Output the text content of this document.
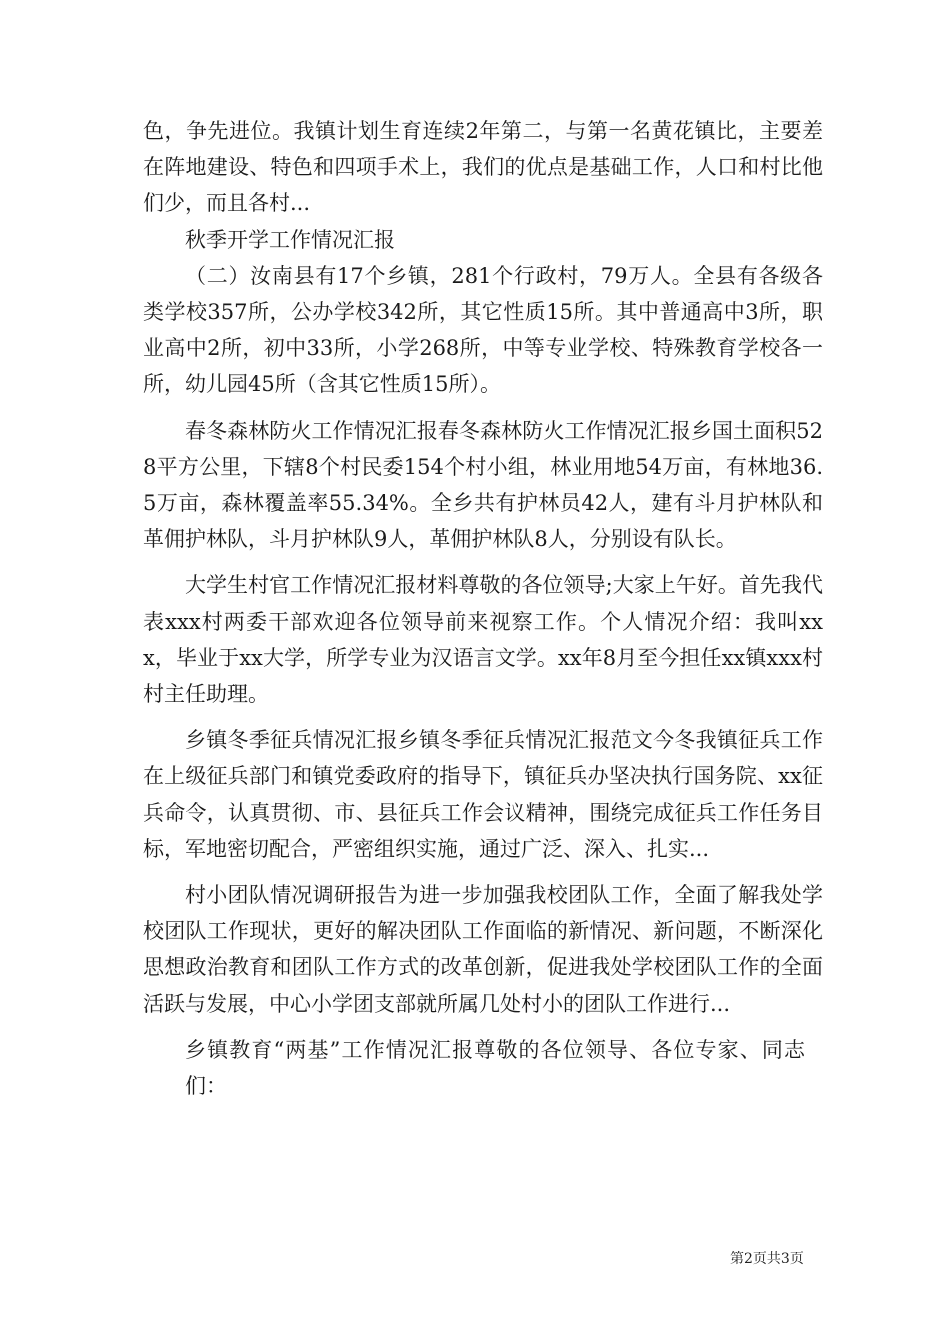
色，争先进位。我镇计划生育连续2年第二，与第一名黄花镇比，主要差在阵地建设、特色和四项手术上，我们的优点是基础工作，人口和村比他们少，而且各村...

秋季开学工作情况汇报

（二）汝南县有17个乡镇，281个行政村，79万人。全县有各级各类学校357所，公办学校342所，其它性质15所。其中普通高中3所，职业高中2所，初中33所，小学268所，中等专业学校、特殊教育学校各一所，幼儿园45所（含其它性质15所）。

春冬森林防火工作情况汇报春冬森林防火工作情况汇报乡国土面积528平方公里，下辖8个村民委154个村小组，林业用地54万亩，有林地36.5万亩，森林覆盖率55.34%。全乡共有护林员42人，建有斗月护林队和革佣护林队，斗月护林队9人，革佣护林队8人，分别设有队长。

大学生村官工作情况汇报材料尊敬的各位领导;大家上午好。首先我代表xxx村两委干部欢迎各位领导前来视察工作。个人情况介绍：我叫xxx，毕业于xx大学，所学专业为汉语言文学。xx年8月至今担任xx镇xxx村村主任助理。

乡镇冬季征兵情况汇报乡镇冬季征兵情况汇报范文今冬我镇征兵工作在上级征兵部门和镇党委政府的指导下，镇征兵办坚决执行国务院、xx征兵命令，认真贯彻、市、县征兵工作会议精神，围绕完成征兵工作任务目标，军地密切配合，严密组织实施，通过广泛、深入、扎实...

村小团队情况调研报告为进一步加强我校团队工作，全面了解我处学校团队工作现状，更好的解决团队工作面临的新情况、新问题，不断深化思想政治教育和团队工作方式的改革创新，促进我处学校团队工作的全面活跃与发展，中心小学团支部就所属几处村小的团队工作进行...

乡镇教育“两基”工作情况汇报尊敬的各位领导、各位专家、同志们：

第2页共3页
